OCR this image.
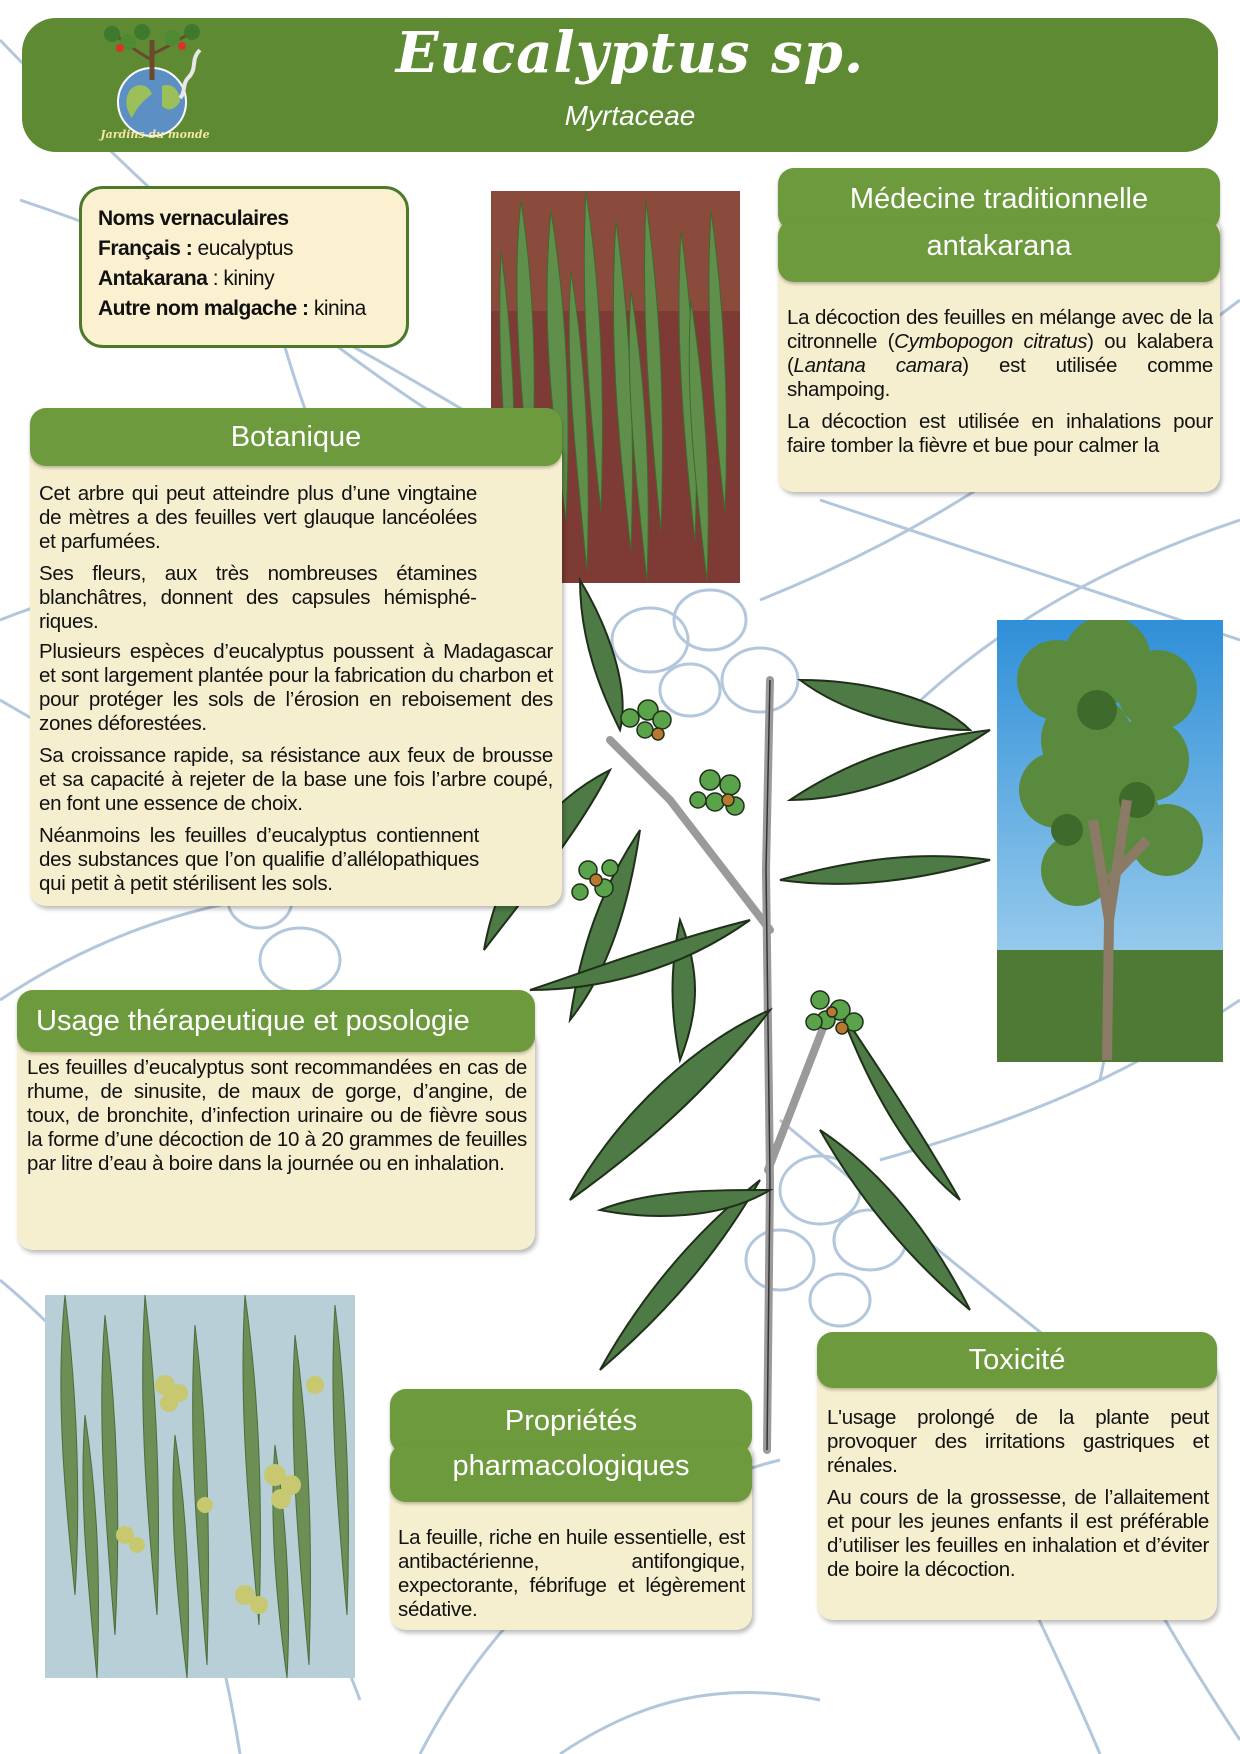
Jardins du monde
Eucalyptus sp.
Myrtaceae
Noms vernaculaires
Français : eucalyptus
Antakarana : kininy
Autre nom malgache : kinina
Botanique

Cet arbre qui peut atteindre plus d’une vingtaine de mètres a des feuilles vert glauque lancéolées et parfumées.

Ses fleurs, aux très nombreuses étamines blanchâtres, donnent des capsules hémisphériques.

Plusieurs espèces d’eucalyptus poussent à Madagascar et sont largement plantée pour la fabrication du charbon et pour protéger les sols de l’érosion en reboisement des zones déforestées.

Sa croissance rapide, sa résistance aux feux de brousse et sa capacité à rejeter de la base une fois l’arbre coupé, en font une essence de choix.

Néanmoins les feuilles d’eucalyptus contiennent des substances que l’on qualifie d’allélopathiques qui petit à petit stérilisent les sols.

Médecine traditionnelle
antakarana

La décoction des feuilles en mélange avec de la citronnelle (Cymbopogon citratus) ou kalabera (Lantana camara) est utilisée comme shampoing.

La décoction est utilisée en inhalations pour faire tomber la fièvre et bue pour calmer la

Usage thérapeutique et posologie

Les feuilles d’eucalyptus sont recommandées en cas de rhume, de sinusite, de maux de gorge, d’angine, de toux, de bronchite, d’infection urinaire ou de fièvre sous la forme d’une décoction de 10 à 20 grammes de feuilles par litre d’eau à boire dans la journée ou en inhalation.

Propriétés
pharmacologiques

La feuille, riche en huile essentielle, est antibactérienne, antifongique, expectorante, fébrifuge et légèrement sédative.

Toxicité

L'usage prolongé de la plante peut provoquer des irritations gastriques et rénales.

Au cours de la grossesse, de l’allaitement et pour les jeunes enfants il est préférable d’utiliser les feuilles en inhalation et d’éviter de boire la décoction.
